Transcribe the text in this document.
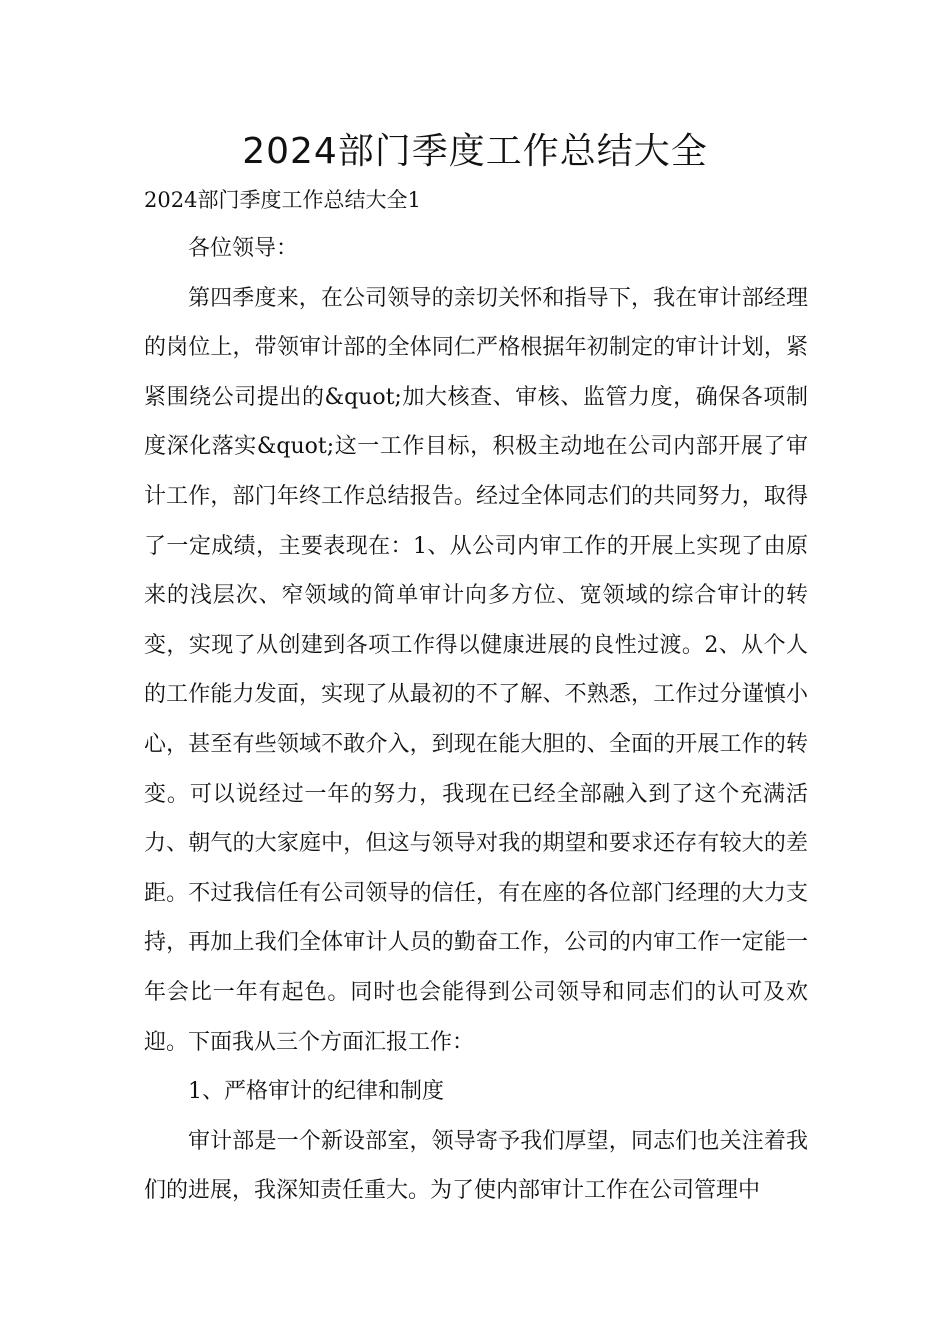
2024部门季度工作总结大全

2024部门季度工作总结大全1

各位领导：

第四季度来，在公司领导的亲切关怀和指导下，我在审计部经理的岗位上，带领审计部的全体同仁严格根据年初制定的审计计划，紧紧围绕公司提出的&quot;加大核查、审核、监管力度，确保各项制度深化落实&quot;这一工作目标，积极主动地在公司内部开展了审计工作，部门年终工作总结报告。经过全体同志们的共同努力，取得了一定成绩，主要表现在：1、从公司内审工作的开展上实现了由原来的浅层次、窄领域的简单审计向多方位、宽领域的综合审计的转变，实现了从创建到各项工作得以健康进展的良性过渡。2、从个人的工作能力发面，实现了从最初的不了解、不熟悉，工作过分谨慎小心，甚至有些领域不敢介入，到现在能大胆的、全面的开展工作的转变。可以说经过一年的努力，我现在已经全部融入到了这个充满活力、朝气的大家庭中，但这与领导对我的期望和要求还存有较大的差距。不过我信任有公司领导的信任，有在座的各位部门经理的大力支持，再加上我们全体审计人员的勤奋工作，公司的内审工作一定能一年会比一年有起色。同时也会能得到公司领导和同志们的认可及欢迎。下面我从三个方面汇报工作：

1、严格审计的纪律和制度

审计部是一个新设部室，领导寄予我们厚望，同志们也关注着我们的进展，我深知责任重大。为了使内部审计工作在公司管理中
